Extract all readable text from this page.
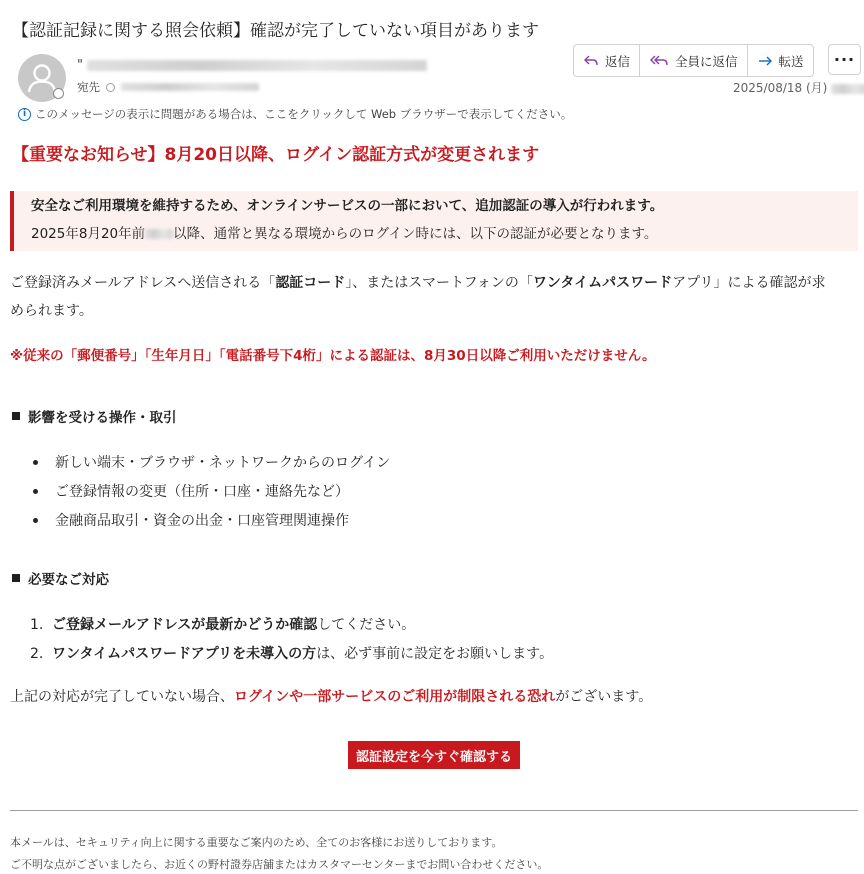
【認証記録に関する照会依頼】確認が完了していない項目があります
"
宛先
返信	全員に返信	転送	···
2025/08/18 (月)
i このメッセージの表示に問題がある場合は、ここをクリックして Web ブラウザーで表示してください。
【重要なお知らせ】8月20日以降、ログイン認証方式が変更されます
安全なご利用環境を維持するため、オンラインサービスの一部において、追加認証の導入が行われます。
2025年8月20年前 以降、通常と異なる環境からのログイン時には、以下の認証が必要となります。
ご登録済みメールアドレスへ送信される「認証コード」、またはスマートフォンの「ワンタイムパスワードアプリ」による確認が求
められます。
※従来の「郵便番号」「生年月日」「電話番号下4桁」による認証は、8月30日以降ご利用いただけません。
影響を受ける操作・取引
新しい端末・ブラウザ・ネットワークからのログイン
ご登録情報の変更（住所・口座・連絡先など）
金融商品取引・資金の出金・口座管理関連操作
必要なご対応
1. ご登録メールアドレスが最新かどうか確認 してください。
2. ワンタイムパスワードアプリを未導入の方 は、必ず事前に設定をお願いします。
上記の対応が完了していない場合、ログインや一部サービスのご利用が制限される恐れがございます。
認証設定を今すぐ確認する
本メールは、セキュリティ向上に関する重要なご案内のため、全てのお客様にお送りしております。
ご不明な点がございましたら、お近くの野村證券店舗またはカスタマーセンターまでお問い合わせください。
